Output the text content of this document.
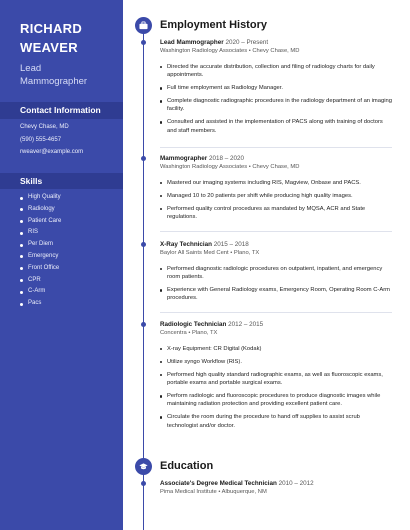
RICHARD
WEAVER
Lead
Mammographer
Contact Information
Chevy Chase, MD
(590) 555-4657
rweaver@example.com
Skills
High Quality
Radiology
Patient Care
RIS
Per Diem
Emergency
Front Office
CPR
C-Arm
Pacs
Employment History
Lead Mammographer 2020 – Present
Washington Radiology Associates • Chevy Chase, MD
Directed the accurate distribution, collection and filing of radiology charts for daily appointments.
Full time employment as Radiology Manager.
Complete diagnostic radiographic procedures in the radiology department of an imaging facility.
Consulted and assisted in the implementation of PACS along with training of doctors and staff members.
Mammographer 2018 – 2020
Washington Radiology Associates • Chevy Chase, MD
Mastered our imaging systems including RIS, Magview, Onbase and PACS.
Managed 10 to 20 patients per shift while producing high quality images.
Performed quality control procedures as mandated by MQSA, ACR and State regulations.
X-Ray Technician 2015 – 2018
Baylor All Saints Med Cent • Plano, TX
Performed diagnostic radiologic procedures on outpatient, inpatient, and emergency room patients.
Experience with General Radiology exams, Emergency Room, Operating Room C-Arm procedures.
Radiologic Technician 2012 – 2015
Concentra • Plano, TX
X-ray Equipment: CR Digital (Kodak)
Utilize syngo Workflow (RIS).
Performed high quality standard radiographic exams, as well as fluoroscopic exams, portable exams and portable surgical exams.
Perform radiologic and fluoroscopic procedures to produce diagnostic images while maintaining radiation protection and providing excellent patient care.
Circulate the room during the procedure to hand off supplies to assist scrub technologist and/or doctor.
Education
Associate's Degree Medical Technician 2010 – 2012
Pima Medical Institute • Albuquerque, NM
